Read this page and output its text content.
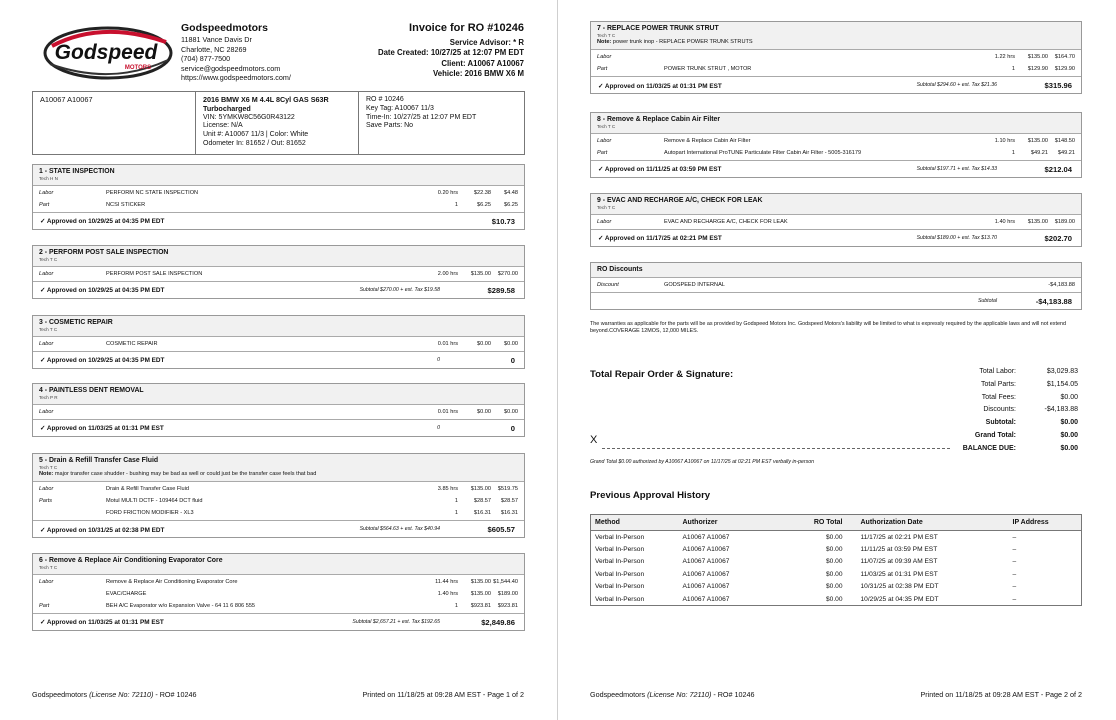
Godspeed
MOTORS
Godspeedmotors
11881 Vance Davis Dr
Charlotte, NC 28269
(704) 877-7500
service@godspeedmotors.com
https://www.godspeedmotors.com/
Invoice for RO #10246
Service Advisor: * R
Date Created: 10/27/25 at 12:07 PM EDT
Client: A10067 A10067
Vehicle: 2016 BMW X6 M
A10067 A10067	2016 BMW X6 M 4.4L 8Cyl GAS S63R
Turbocharged
VIN: 5YMKW8C56G0R43122
License: N/A
Unit #: A10067 11/3 | Color: White
Odometer In: 81652 / Out: 81652
RO # 10246
Key Tag: A10067 11/3
Time-In: 10/27/25 at 12:07 PM EDT
Save Parts: No
1 - STATE INSPECTION
Tech H N
Labor	PERFORM NC STATE INSPECTION	0.20 hrs	$22.38 $4.48
Part	NCSI STICKER	1	$6.25 $6.25
✓ Approved on 10/29/25 at 04:35 PM EDT	$10.73
2 - PERFORM POST SALE INSPECTION
Tech T C
Labor	PERFORM POST SALE INSPECTION	2.00 hrs $135.00 $270.00
✓ Approved on 10/29/25 at 04:35 PM EDT	Subtotal $270.00 + est. Tax $19.58	$289.58
3 - COSMETIC REPAIR
Tech T C
Labor	COSMETIC REPAIR	0.01 hrs	$0.00 $0.00
✓ Approved on 10/29/25 at 04:35 PM EDT	0	0
4 - PAINTLESS DENT REMOVAL
Tech P R
Labor	0.01 hrs	$0.00 $0.00
✓ Approved on 11/03/25 at 01:31 PM EST	0	0
5 - Drain & Refill Transfer Case Fluid
Tech T C
Note: major transfer case shudder - bushing may be bad as well or could just be the transfer case feels that bad
Labor	Drain & Refill Transfer Case Fluid	3.85 hrs $135.00 $519.75
Parts	Motul MULTI DCTF - 109464 DCT fluid	1	$28.57 $28.57
FORD FRICTION MODIFIER - XL3	1	$16.31 $16.31
✓ Approved on 10/31/25 at 02:38 PM EDT	Subtotal $564.63 + est. Tax $40.94	$605.57
6 - Remove & Replace Air Conditioning Evaporator Core
Tech T C
Labor	Remove & Replace Air Conditioning Evaporator Core	11.44 hrs $135.00 $1,544.40
EVAC/CHARGE	1.40 hrs $135.00 $189.00
Part	BEH A/C Evaporator w/o Expansion Valve - 64 11 6 806 555	1 $923.81 $923.81
✓ Approved on 11/03/25 at 01:31 PM EST	Subtotal $2,657.21 + est. Tax $192.65	$2,849.86
Godspeedmotors (License No: 72110) - RO# 10246	Printed on 11/18/25 at 09:28 AM EST - Page 1 of 2
7 - REPLACE POWER TRUNK STRUT
Tech T C
Note: power trunk inop - REPLACE POWER TRUNK STRUTS
Labor	1.22 hrs $135.00 $164.70
Part	POWER TRUNK STRUT , MOTOR	1 $129.90 $129.90
✓ Approved on 11/03/25 at 01:31 PM EST	Subtotal $294.60 + est. Tax $21.36	$315.96
8 - Remove & Replace Cabin Air Filter
Tech T C
Labor	Remove & Replace Cabin Air Filter	1.10 hrs $135.00 $148.50
Part	Autopart International ProTUNE Particulate Filter Cabin Air Filter - 5005-316179	1	$49.21 $49.21
✓ Approved on 11/11/25 at 03:59 PM EST	Subtotal $197.71 + est. Tax $14.33	$212.04
9 - EVAC AND RECHARGE A/C, CHECK FOR LEAK
Tech T C
Labor	EVAC AND RECHARGE A/C, CHECK FOR LEAK	1.40 hrs $135.00 $189.00
✓ Approved on 11/17/25 at 02:21 PM EST	Subtotal $189.00 + est. Tax $13.70	$202.70
RO Discounts
Discount	GODSPEED INTERNAL	-$4,183.88
Subtotal	-$4,183.88
The warranties as applicable for the parts will be as provided by Godspeed Motors Inc. Godspeed Motors's liability will be limited to what is expressly required by the applicable laws and will not extend beyond.COVERAGE 12MOS, 12,000 MILES.
Total Repair Order & Signature:	Total Labor:	$3,029.83
Total Parts:	$1,154.05
Total Fees:	$0.00
Discounts:	-$4,183.88
Subtotal:	$0.00
Grand Total:	$0.00
BALANCE DUE:	$0.00
X
Grand Total $0.00 authorized by A10067 A10067 on 11/17/25 at 02:21 PM EST verbally in-person
Previous Approval History
Method	Authorizer	RO Total	Authorization Date	IP Address
Verbal In-Person	A10067 A10067	$0.00	11/17/25 at 02:21 PM EST	–
Verbal In-Person	A10067 A10067	$0.00	11/11/25 at 03:59 PM EST	–
Verbal In-Person	A10067 A10067	$0.00	11/07/25 at 09:39 AM EST	–
Verbal In-Person	A10067 A10067	$0.00	11/03/25 at 01:31 PM EST	–
Verbal In-Person	A10067 A10067	$0.00	10/31/25 at 02:38 PM EDT	–
Verbal In-Person	A10067 A10067	$0.00	10/29/25 at 04:35 PM EDT	–
Godspeedmotors (License No: 72110) - RO# 10246	Printed on 11/18/25 at 09:28 AM EST - Page 2 of 2
